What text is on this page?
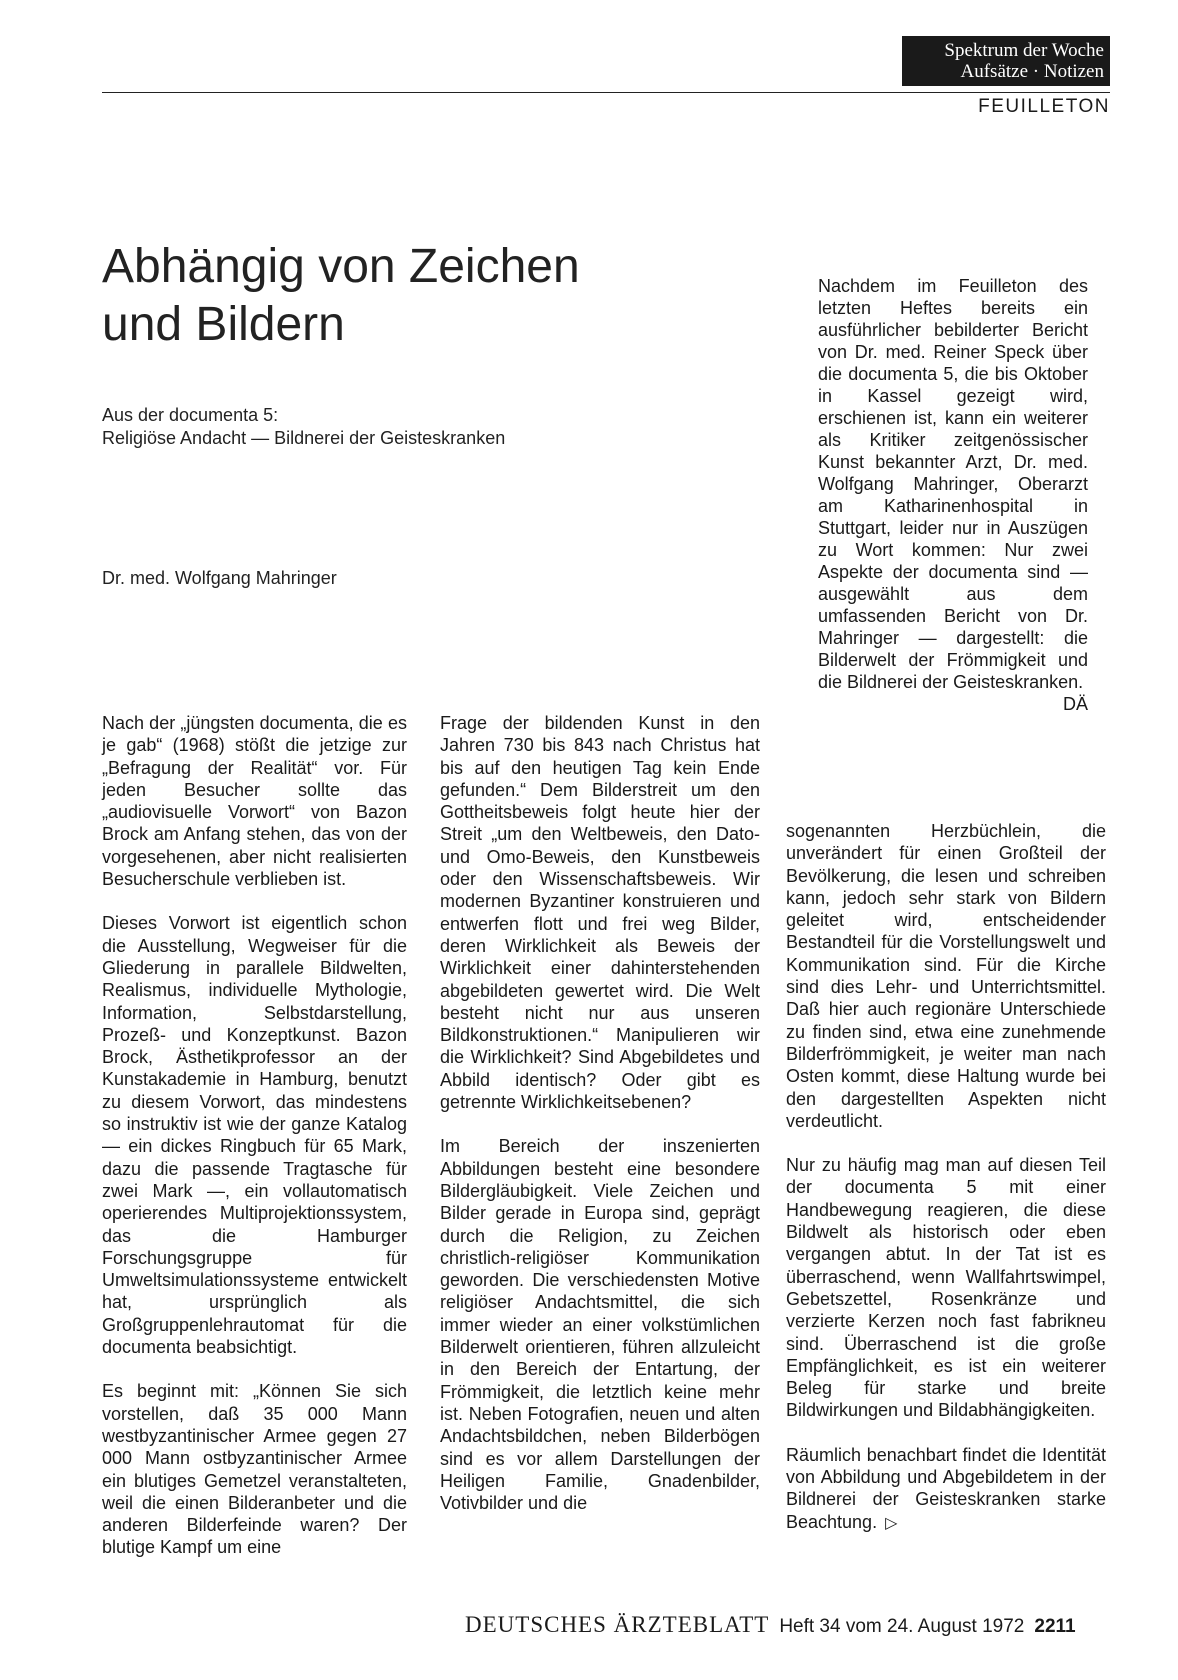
Spektrum der Woche
Aufsätze · Notizen
FEUILLETON
Abhängig von Zeichen
und Bildern
Aus der documenta 5:
Religiöse Andacht — Bildnerei der Geisteskranken
Dr. med. Wolfgang Mahringer
Nachdem im Feuilleton des letzten Heftes bereits ein ausführlicher bebilderter Bericht von Dr. med. Reiner Speck über die documenta 5, die bis Oktober in Kassel gezeigt wird, erschienen ist, kann ein weiterer als Kritiker zeitgenössischer Kunst bekannter Arzt, Dr. med. Wolfgang Mahringer, Oberarzt am Katharinenhospital in Stuttgart, leider nur in Auszügen zu Wort kommen: Nur zwei Aspekte der documenta sind — ausgewählt aus dem umfassenden Bericht von Dr. Mahringer — dargestellt: die Bilderwelt der Frömmigkeit und die Bildnerei der Geisteskranken.
DÄ

Nach der „jüngsten documenta, die es je gab“ (1968) stößt die jetzige zur „Befragung der Realität“ vor. Für jeden Besucher sollte das „audiovisuelle Vorwort“ von Bazon Brock am Anfang stehen, das von der vorgesehenen, aber nicht realisierten Besucherschule verblieben ist.

Dieses Vorwort ist eigentlich schon die Ausstellung, Wegweiser für die Gliederung in parallele Bildwelten, Realismus, individuelle Mythologie, Information, Selbstdarstellung, Prozeß- und Konzeptkunst. Bazon Brock, Ästhetikprofessor an der Kunstakademie in Hamburg, benutzt zu diesem Vorwort, das mindestens so instruktiv ist wie der ganze Katalog — ein dickes Ringbuch für 65 Mark, dazu die passende Tragtasche für zwei Mark —, ein vollautomatisch operierendes Multiprojektionssystem, das die Hamburger Forschungsgruppe für Umweltsimulationssysteme entwickelt hat, ursprünglich als Großgruppenlehrautomat für die documenta beabsichtigt.

Es beginnt mit: „Können Sie sich vorstellen, daß 35 000 Mann westbyzantinischer Armee gegen 27 000 Mann ostbyzantinischer Armee ein blutiges Gemetzel veranstalteten, weil die einen Bilderanbeter und die anderen Bilderfeinde waren? Der blutige Kampf um eine

Frage der bildenden Kunst in den Jahren 730 bis 843 nach Christus hat bis auf den heutigen Tag kein Ende gefunden.“ Dem Bilderstreit um den Gottheitsbeweis folgt heute hier der Streit „um den Weltbeweis, den Dato- und Omo-Beweis, den Kunstbeweis oder den Wissenschaftsbeweis. Wir modernen Byzantiner konstruieren und entwerfen flott und frei weg Bilder, deren Wirklichkeit als Beweis der Wirklichkeit einer dahinterstehenden abgebildeten gewertet wird. Die Welt besteht nicht nur aus unseren Bildkonstruktionen.“ Manipulieren wir die Wirklichkeit? Sind Abgebildetes und Abbild identisch? Oder gibt es getrennte Wirklichkeitsebenen?

Im Bereich der inszenierten Abbildungen besteht eine besondere Bildergläubigkeit. Viele Zeichen und Bilder gerade in Europa sind, geprägt durch die Religion, zu Zeichen christlich-religiöser Kommunikation geworden. Die verschiedensten Motive religiöser Andachtsmittel, die sich immer wieder an einer volkstümlichen Bilderwelt orientieren, führen allzuleicht in den Bereich der Entartung, der Frömmigkeit, die letztlich keine mehr ist. Neben Fotografien, neuen und alten Andachtsbildchen, neben Bilderbögen sind es vor allem Darstellungen der Heiligen Familie, Gnadenbilder, Votivbilder und die

sogenannten Herzbüchlein, die unverändert für einen Großteil der Bevölkerung, die lesen und schreiben kann, jedoch sehr stark von Bildern geleitet wird, entscheidender Bestandteil für die Vorstellungswelt und Kommunikation sind. Für die Kirche sind dies Lehr- und Unterrichtsmittel. Daß hier auch regionäre Unterschiede zu finden sind, etwa eine zunehmende Bilderfrömmigkeit, je weiter man nach Osten kommt, diese Haltung wurde bei den dargestellten Aspekten nicht verdeutlicht.

Nur zu häufig mag man auf diesen Teil der documenta 5 mit einer Handbewegung reagieren, die diese Bildwelt als historisch oder eben vergangen abtut. In der Tat ist es überraschend, wenn Wallfahrtswimpel, Gebetszettel, Rosenkränze und verzierte Kerzen noch fast fabrikneu sind. Überraschend ist die große Empfänglichkeit, es ist ein weiterer Beleg für starke und breite Bildwirkungen und Bildabhängigkeiten.

Räumlich benachbart findet die Identität von Abbildung und Abgebildetem in der Bildnerei der Geisteskranken starke Beachtung. ▷

DEUTSCHES ÄRZTEBLATT Heft 34 vom 24. August 1972 2211
